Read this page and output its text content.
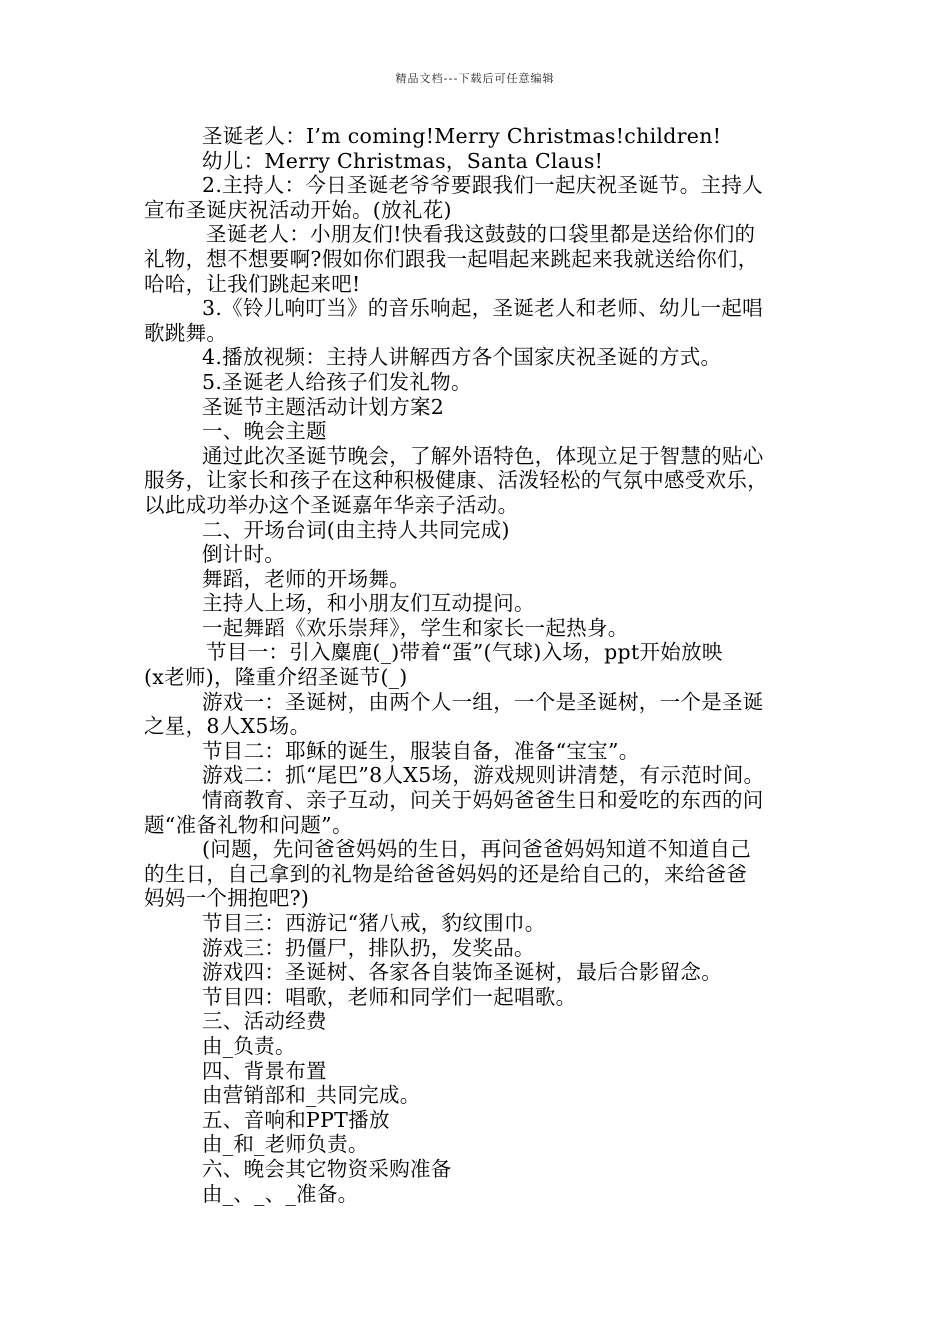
精品文档---下载后可任意编辑
圣诞老人：I’m coming!Merry Christmas!children!
幼儿：Merry Christmas，Santa Claus!
2.主持人：今日圣诞老爷爷要跟我们一起庆祝圣诞节。主持人
宣布圣诞庆祝活动开始。(放礼花)
圣诞老人：小朋友们!快看我这鼓鼓的口袋里都是送给你们的
礼物，想不想要啊?假如你们跟我一起唱起来跳起来我就送给你们，
哈哈，让我们跳起来吧!
3.《铃儿响叮当》的音乐响起，圣诞老人和老师、幼儿一起唱
歌跳舞。
4.播放视频：主持人讲解西方各个国家庆祝圣诞的方式。
5.圣诞老人给孩子们发礼物。
圣诞节主题活动计划方案2
一、晚会主题
通过此次圣诞节晚会，了解外语特色，体现立足于智慧的贴心
服务，让家长和孩子在这种积极健康、活泼轻松的气氛中感受欢乐，
以此成功举办这个圣诞嘉年华亲子活动。
二、开场台词(由主持人共同完成)
倒计时。
舞蹈，老师的开场舞。
主持人上场，和小朋友们互动提问。
一起舞蹈《欢乐崇拜》，学生和家长一起热身。
节目一：引入麋鹿(_)带着“蛋”(气球)入场，ppt开始放映
(x老师)，隆重介绍圣诞节(_)
游戏一：圣诞树，由两个人一组，一个是圣诞树，一个是圣诞
之星，8人X5场。
节目二：耶稣的诞生，服装自备，准备“宝宝”。
游戏二：抓“尾巴”8人X5场，游戏规则讲清楚，有示范时间。
情商教育、亲子互动，问关于妈妈爸爸生日和爱吃的东西的问
题“准备礼物和问题”。
(问题，先问爸爸妈妈的生日，再问爸爸妈妈知道不知道自己
的生日，自己拿到的礼物是给爸爸妈妈的还是给自己的，来给爸爸
妈妈一个拥抱吧?)
节目三：西游记“猪八戒，豹纹围巾。
游戏三：扔僵尸，排队扔，发奖品。
游戏四：圣诞树、各家各自装饰圣诞树，最后合影留念。
节目四：唱歌，老师和同学们一起唱歌。
三、活动经费
由_负责。
四、背景布置
由营销部和_共同完成。
五、音响和PPT播放
由_和_老师负责。
六、晚会其它物资采购准备
由_、_、_准备。
